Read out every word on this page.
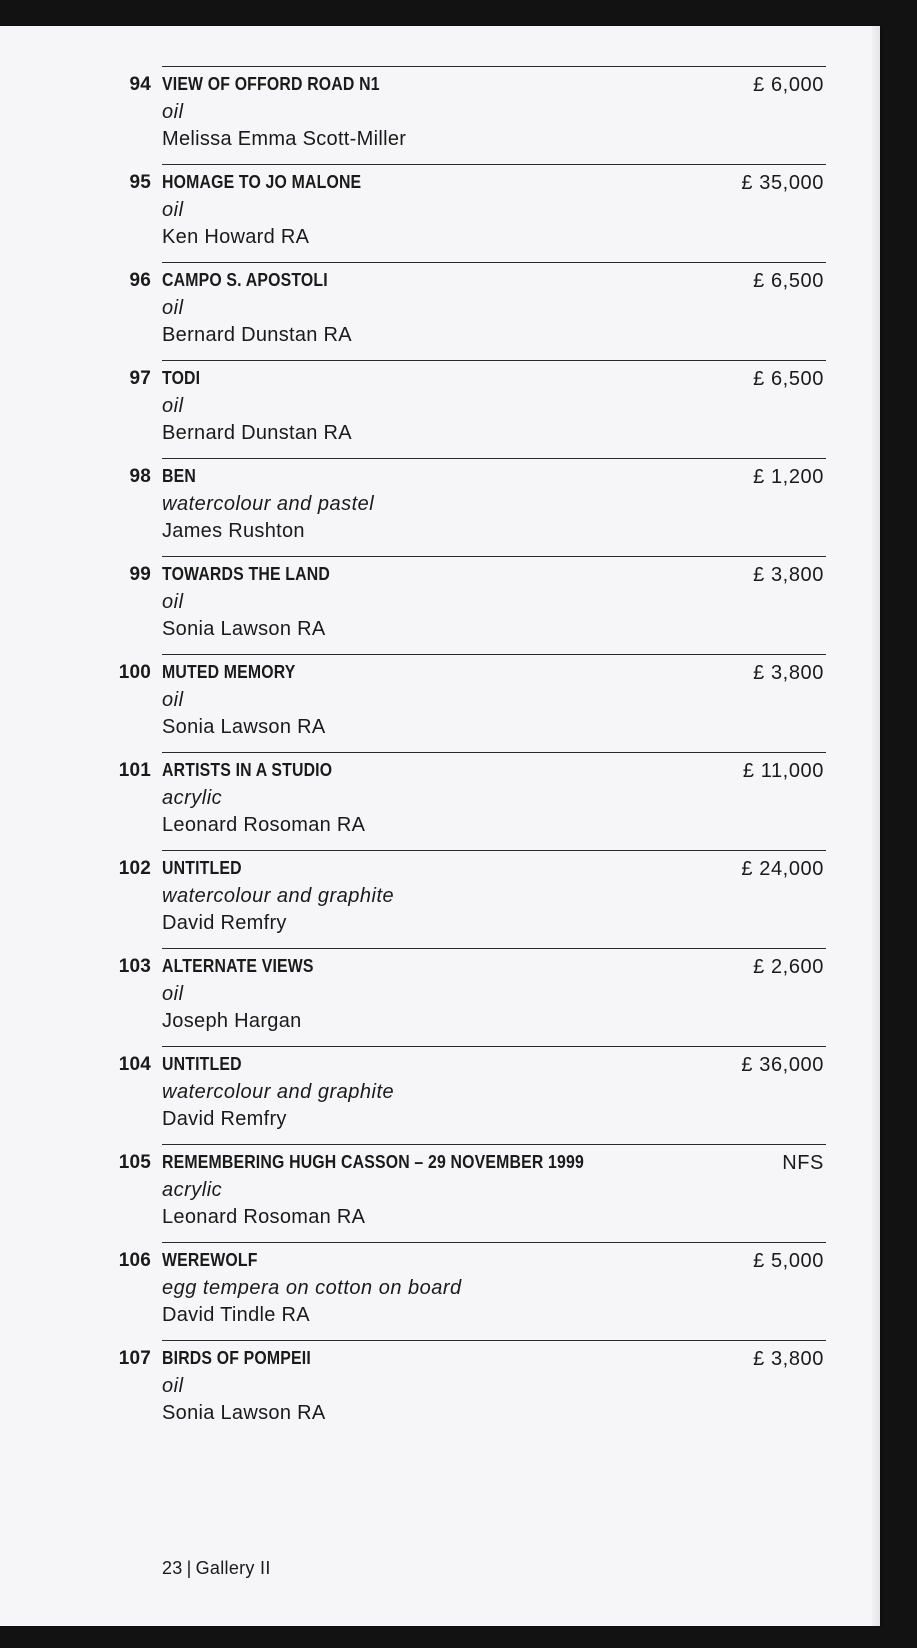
94 VIEW OF OFFORD ROAD N1
oil
Melissa Emma Scott-Miller
£ 6,000
95 HOMAGE TO JO MALONE
oil
Ken Howard RA
£ 35,000
96 CAMPO S. APOSTOLI
oil
Bernard Dunstan RA
£ 6,500
97 TODI
oil
Bernard Dunstan RA
£ 6,500
98 BEN
watercolour and pastel
James Rushton
£ 1,200
99 TOWARDS THE LAND
oil
Sonia Lawson RA
£ 3,800
100 MUTED MEMORY
oil
Sonia Lawson RA
£ 3,800
101 ARTISTS IN A STUDIO
acrylic
Leonard Rosoman RA
£ 11,000
102 UNTITLED
watercolour and graphite
David Remfry
£ 24,000
103 ALTERNATE VIEWS
oil
Joseph Hargan
£ 2,600
104 UNTITLED
watercolour and graphite
David Remfry
£ 36,000
105 REMEMBERING HUGH CASSON – 29 NOVEMBER 1999
acrylic
Leonard Rosoman RA
NFS
106 WEREWOLF
egg tempera on cotton on board
David Tindle RA
£ 5,000
107 BIRDS OF POMPEII
oil
Sonia Lawson RA
£ 3,800
23 | Gallery II
